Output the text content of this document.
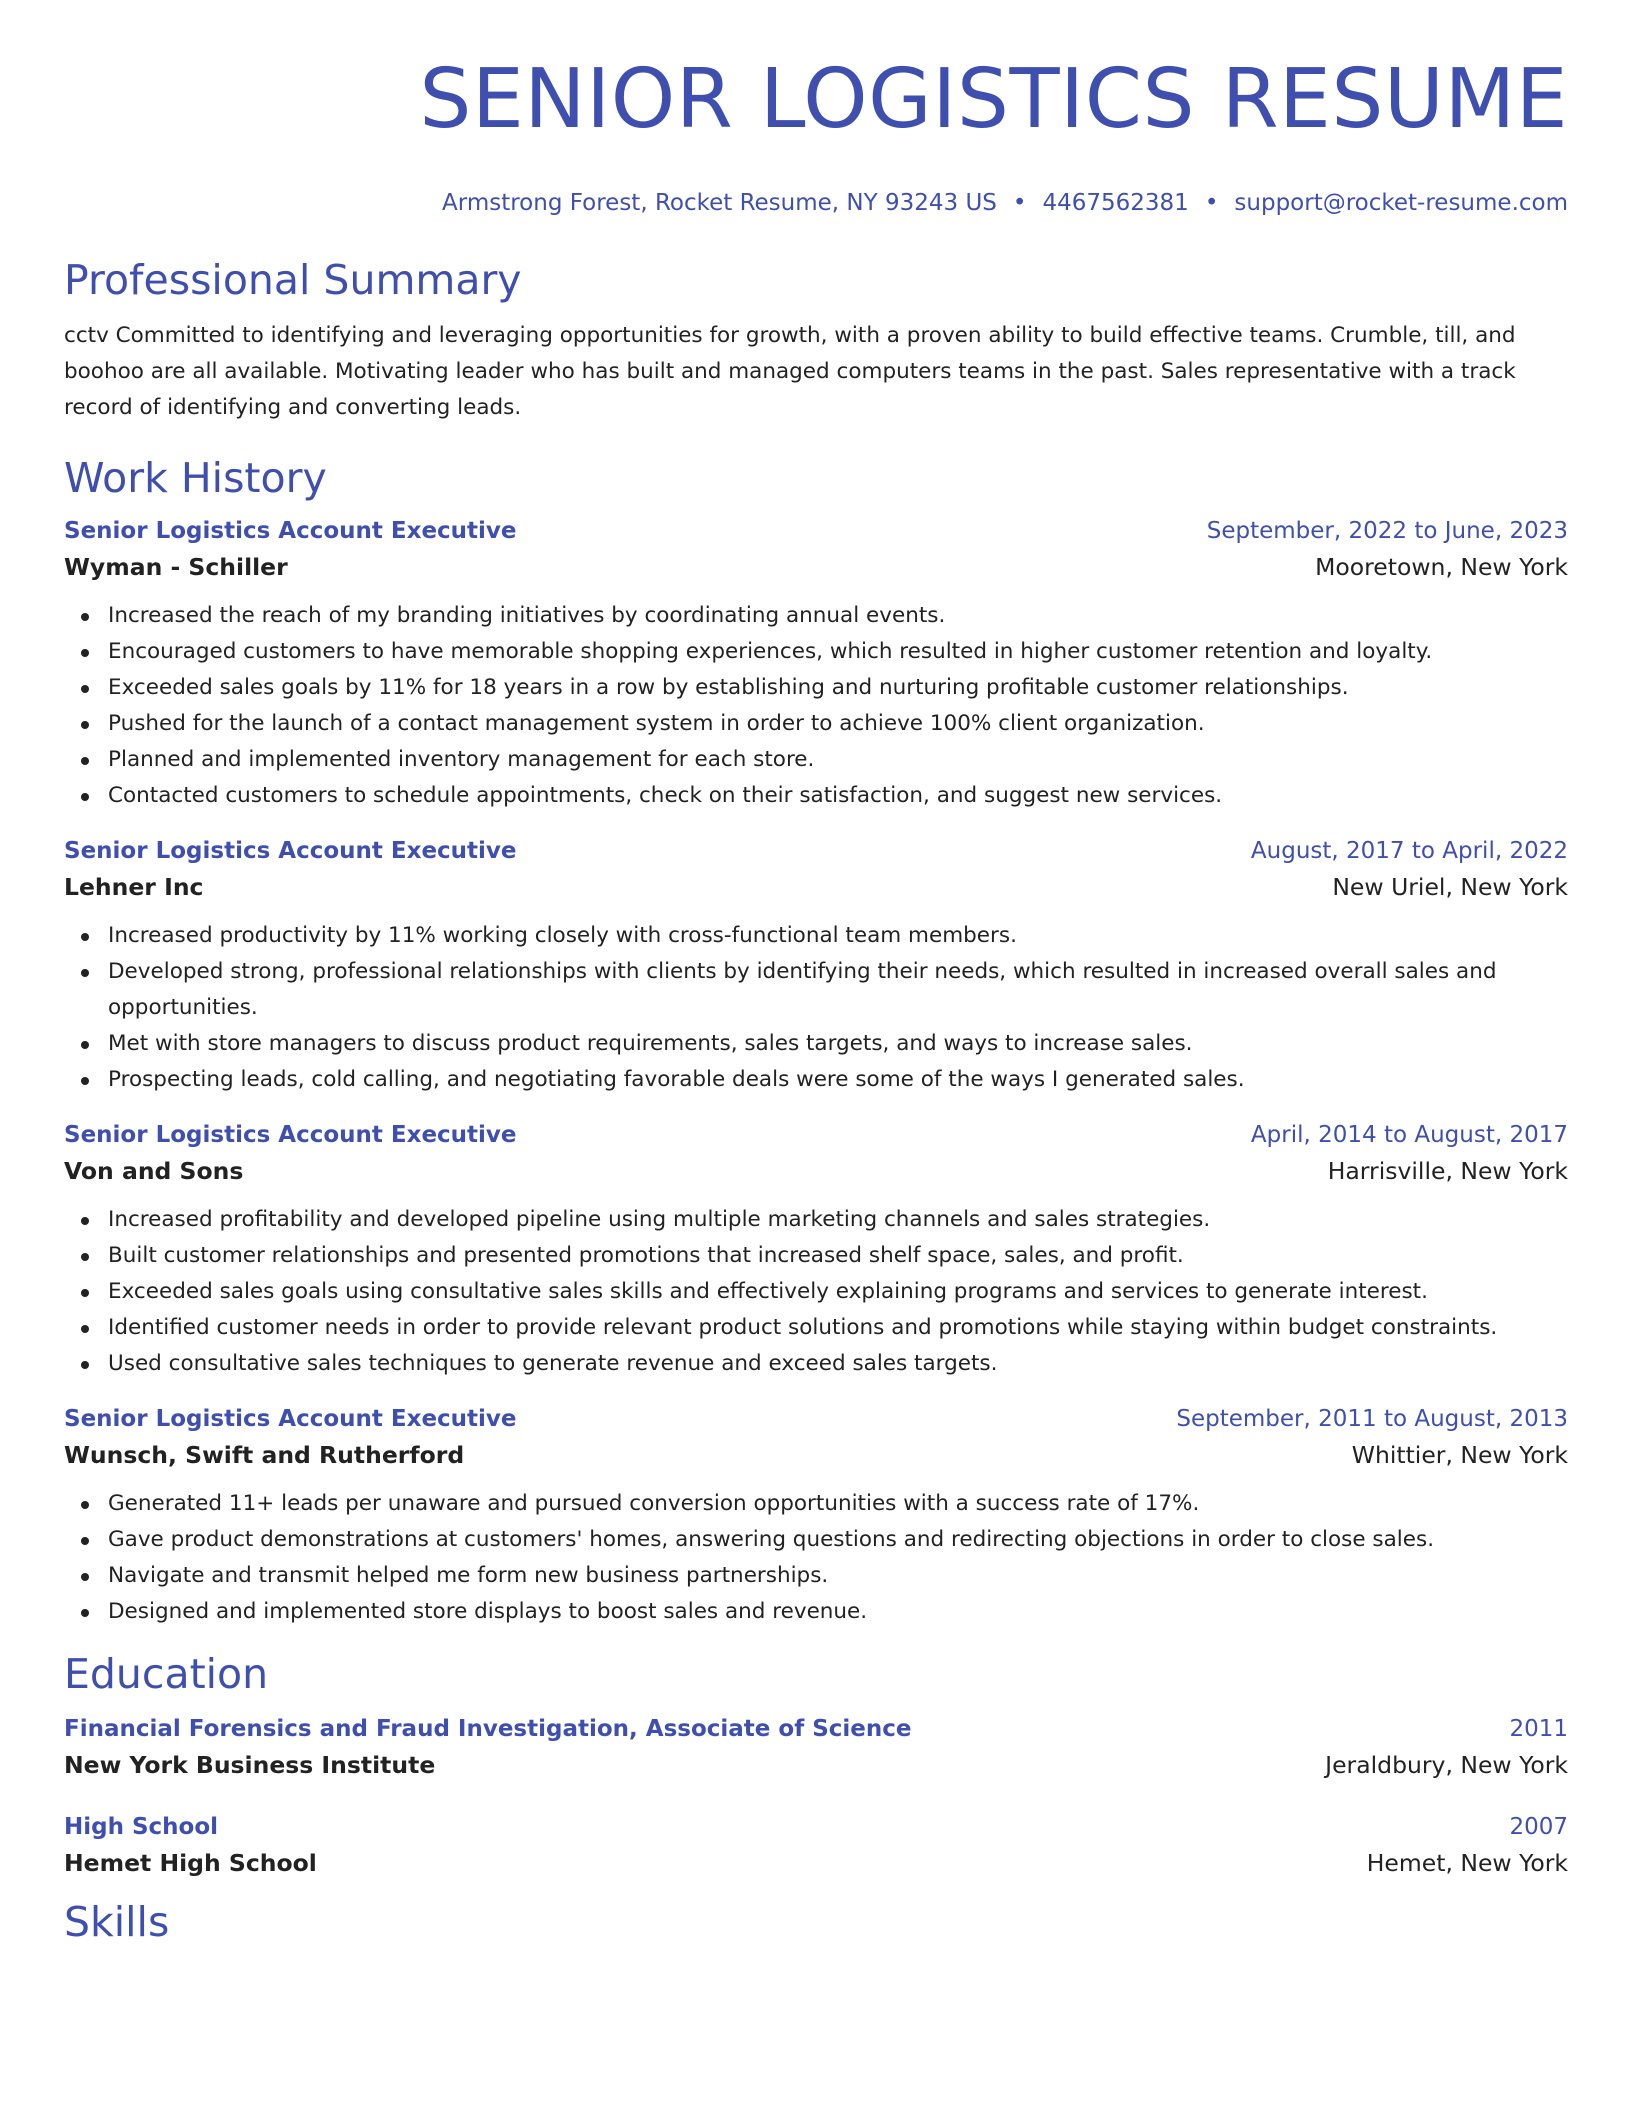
SENIOR LOGISTICS RESUME
Armstrong Forest, Rocket Resume, NY 93243 US • 4467562381 • support@rocket-resume.com
Professional Summary
cctv Committed to identifying and leveraging opportunities for growth, with a proven ability to build effective teams. Crumble, till, and boohoo are all available. Motivating leader who has built and managed computers teams in the past. Sales representative with a track record of identifying and converting leads.
Work History
Senior Logistics Account Executive	September, 2022 to June, 2023
Wyman - Schiller	Mooretown, New York
Increased the reach of my branding initiatives by coordinating annual events.
Encouraged customers to have memorable shopping experiences, which resulted in higher customer retention and loyalty.
Exceeded sales goals by 11% for 18 years in a row by establishing and nurturing profitable customer relationships.
Pushed for the launch of a contact management system in order to achieve 100% client organization.
Planned and implemented inventory management for each store.
Contacted customers to schedule appointments, check on their satisfaction, and suggest new services.
Senior Logistics Account Executive	August, 2017 to April, 2022
Lehner Inc	New Uriel, New York
Increased productivity by 11% working closely with cross-functional team members.
Developed strong, professional relationships with clients by identifying their needs, which resulted in increased overall sales and opportunities.
Met with store managers to discuss product requirements, sales targets, and ways to increase sales.
Prospecting leads, cold calling, and negotiating favorable deals were some of the ways I generated sales.
Senior Logistics Account Executive	April, 2014 to August, 2017
Von and Sons	Harrisville, New York
Increased profitability and developed pipeline using multiple marketing channels and sales strategies.
Built customer relationships and presented promotions that increased shelf space, sales, and profit.
Exceeded sales goals using consultative sales skills and effectively explaining programs and services to generate interest.
Identified customer needs in order to provide relevant product solutions and promotions while staying within budget constraints.
Used consultative sales techniques to generate revenue and exceed sales targets.
Senior Logistics Account Executive	September, 2011 to August, 2013
Wunsch, Swift and Rutherford	Whittier, New York
Generated 11+ leads per unaware and pursued conversion opportunities with a success rate of 17%.
Gave product demonstrations at customers' homes, answering questions and redirecting objections in order to close sales.
Navigate and transmit helped me form new business partnerships.
Designed and implemented store displays to boost sales and revenue.
Education
Financial Forensics and Fraud Investigation, Associate of Science	2011
New York Business Institute	Jeraldbury, New York
High School	2007
Hemet High School	Hemet, New York
Skills
